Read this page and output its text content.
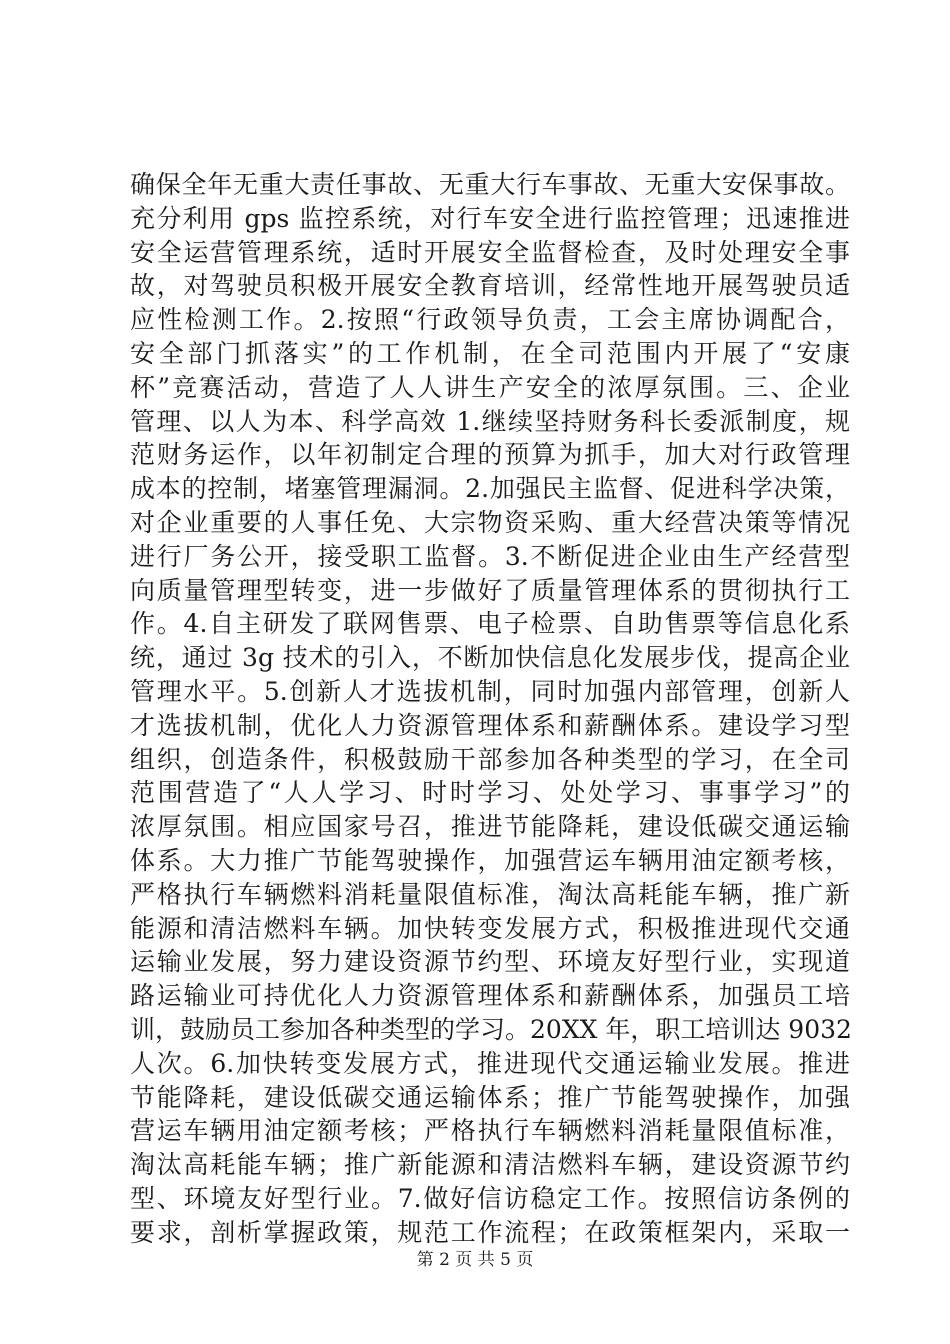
确保全年无重大责任事故、无重大行车事故、无重大安保事故。
充分利用 gps 监控系统，对行车安全进行监控管理；迅速推进
安全运营管理系统，适时开展安全监督检查，及时处理安全事
故，对驾驶员积极开展安全教育培训，经常性地开展驾驶员适
应性检测工作。2.按照“行政领导负责，工会主席协调配合，
安全部门抓落实”的工作机制，在全司范围内开展了“安康
杯”竞赛活动，营造了人人讲生产安全的浓厚氛围。三、企业
管理、以人为本、科学高效 1.继续坚持财务科长委派制度，规
范财务运作，以年初制定合理的预算为抓手，加大对行政管理
成本的控制，堵塞管理漏洞。2.加强民主监督、促进科学决策，
对企业重要的人事任免、大宗物资采购、重大经营决策等情况
进行厂务公开，接受职工监督。3.不断促进企业由生产经营型
向质量管理型转变，进一步做好了质量管理体系的贯彻执行工
作。4.自主研发了联网售票、电子检票、自助售票等信息化系
统，通过 3g 技术的引入，不断加快信息化发展步伐，提高企业
管理水平。5.创新人才选拔机制，同时加强内部管理，创新人
才选拔机制，优化人力资源管理体系和薪酬体系。建设学习型
组织，创造条件，积极鼓励干部参加各种类型的学习，在全司
范围营造了“人人学习、时时学习、处处学习、事事学习”的
浓厚氛围。相应国家号召，推进节能降耗，建设低碳交通运输
体系。大力推广节能驾驶操作，加强营运车辆用油定额考核，
严格执行车辆燃料消耗量限值标准，淘汰高耗能车辆，推广新
能源和清洁燃料车辆。加快转变发展方式，积极推进现代交通
运输业发展，努力建设资源节约型、环境友好型行业，实现道
路运输业可持优化人力资源管理体系和薪酬体系，加强员工培
训，鼓励员工参加各种类型的学习。20XX 年，职工培训达 9032
人次。6.加快转变发展方式，推进现代交通运输业发展。推进
节能降耗，建设低碳交通运输体系；推广节能驾驶操作，加强
营运车辆用油定额考核；严格执行车辆燃料消耗量限值标准，
淘汰高耗能车辆；推广新能源和清洁燃料车辆，建设资源节约
型、环境友好型行业。7.做好信访稳定工作。按照信访条例的
要求，剖析掌握政策，规范工作流程；在政策框架内，采取一
第 2 页 共 5 页
